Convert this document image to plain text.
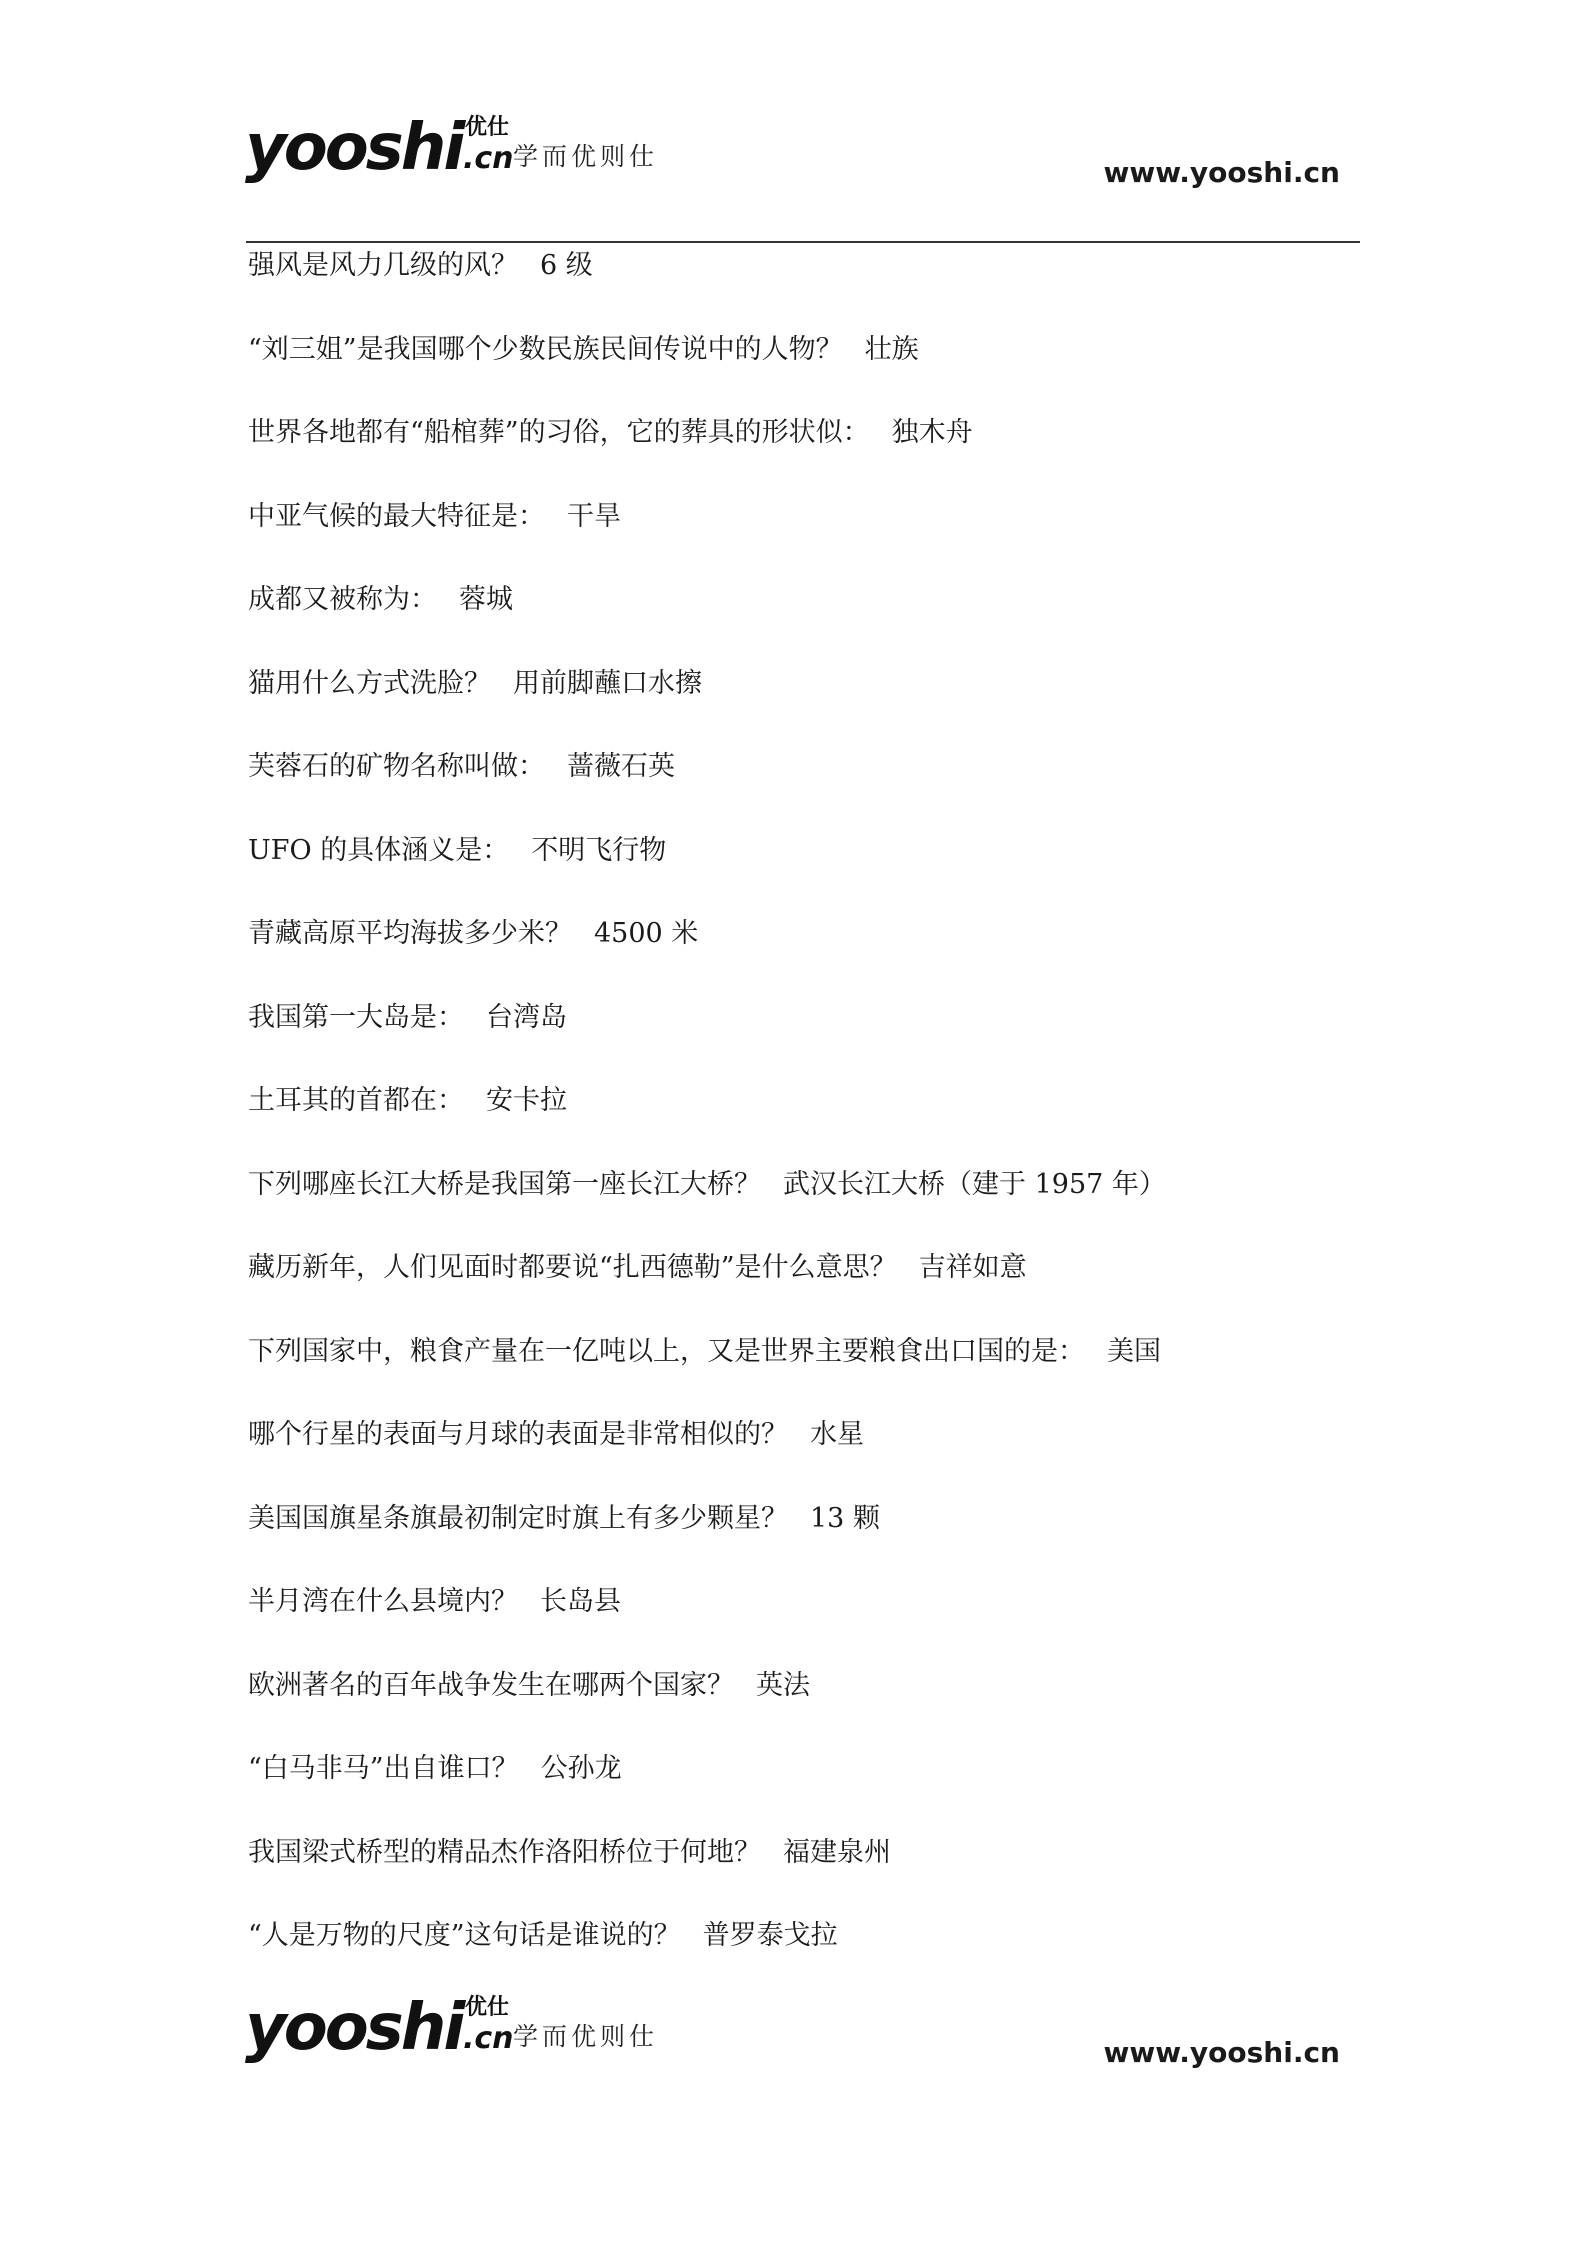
yooshi 优仕
.cn 学而优则仕	www.yooshi.cn
强风是风力几级的风？ 6 级
“刘三姐”是我国哪个少数民族民间传说中的人物？ 壮族
世界各地都有“船棺葬”的习俗，它的葬具的形状似： 独木舟
中亚气候的最大特征是： 干旱
成都又被称为： 蓉城
猫用什么方式洗脸？ 用前脚蘸口水擦
芙蓉石的矿物名称叫做： 蔷薇石英
UFO 的具体涵义是： 不明飞行物
青藏高原平均海拔多少米？ 4500 米
我国第一大岛是： 台湾岛
土耳其的首都在： 安卡拉
下列哪座长江大桥是我国第一座长江大桥？ 武汉长江大桥（建于 1957 年）
藏历新年，人们见面时都要说“扎西德勒”是什么意思？ 吉祥如意
下列国家中，粮食产量在一亿吨以上，又是世界主要粮食出口国的是： 美国
哪个行星的表面与月球的表面是非常相似的？ 水星
美国国旗星条旗最初制定时旗上有多少颗星？ 13 颗
半月湾在什么县境内？ 长岛县
欧洲著名的百年战争发生在哪两个国家？ 英法
“白马非马”出自谁口？ 公孙龙
我国梁式桥型的精品杰作洛阳桥位于何地？ 福建泉州
“人是万物的尺度”这句话是谁说的？ 普罗泰戈拉
yooshi 优仕
.cn 学而优则仕	www.yooshi.cn
